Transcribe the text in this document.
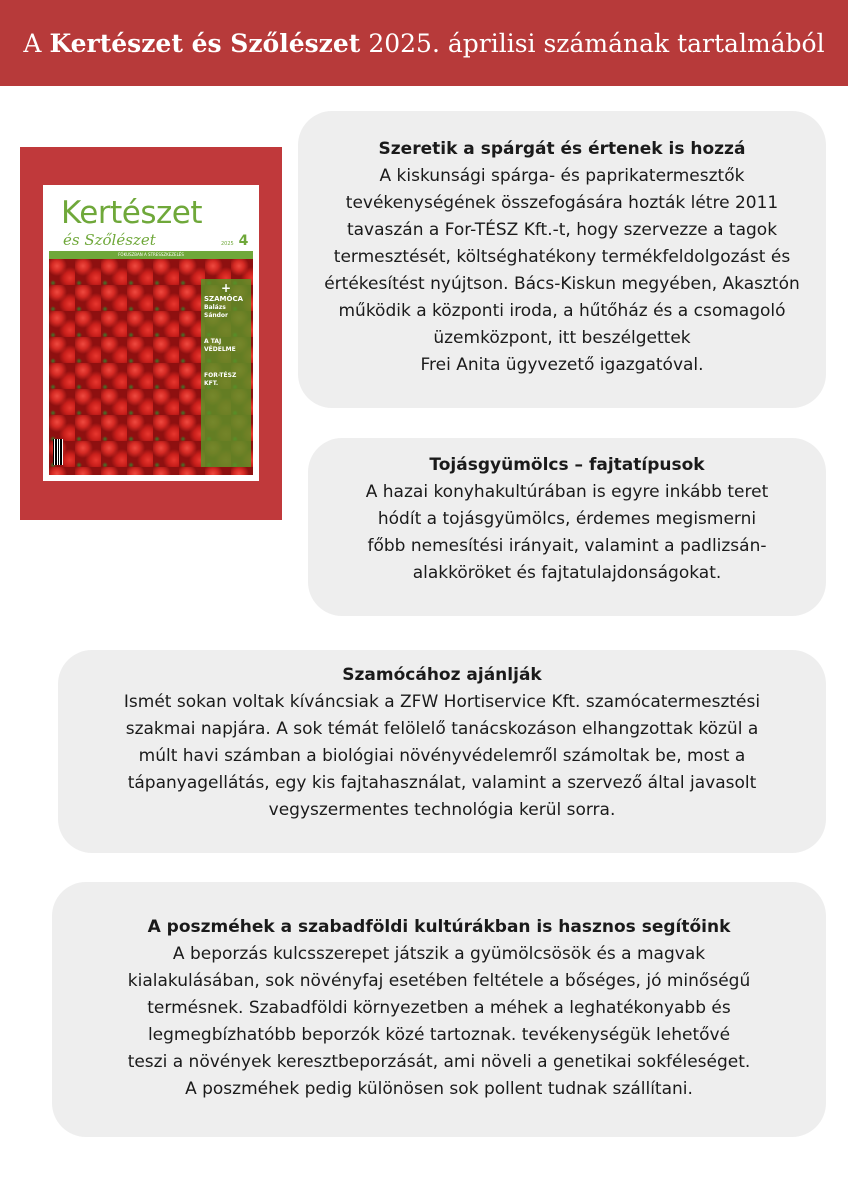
A Kertészet és Szőlészet 2025. áprilisi számának tartalmából
Kertészet
és Szőlészet	2025 4
FÓKUSZBAN A STRESSZKEZELÉS
+
SZAMÓCA
Balázs Sándor
A TAJ VÉDELME
FOR-TÉSZ KFT.
Szeretik a spárgát és értenek is hozzá

A kiskunsági spárga- és paprikatermesztők

tevékenységének összefogására hozták létre 2011

tavaszán a For-TÉSZ Kft.-t, hogy szervezze a tagok

termesztését, költséghatékony termékfeldolgozást és

értékesítést nyújtson. Bács-Kiskun megyében, Akasztón

működik a központi iroda, a hűtőház és a csomagoló

üzemközpont, itt beszélgettek

Frei Anita ügyvezető igazgatóval.

Tojásgyümölcs – fajtatípusok

A hazai konyhakultúrában is egyre inkább teret

hódít a tojásgyümölcs, érdemes megismerni

főbb nemesítési irányait, valamint a padlizsán-

alakköröket és fajtatulajdonságokat.

Szamócához ajánlják

Ismét sokan voltak kíváncsiak a ZFW Hortiservice Kft. szamócatermesztési

szakmai napjára. A sok témát felölelő tanácskozáson elhangzottak közül a

múlt havi számban a biológiai növényvédelemről számoltak be, most a

tápanyagellátás, egy kis fajtahasználat, valamint a szervező által javasolt

vegyszermentes technológia kerül sorra.

A poszméhek a szabadföldi kultúrákban is hasznos segítőink

A beporzás kulcsszerepet játszik a gyümölcsösök és a magvak

kialakulásában, sok növényfaj esetében feltétele a bőséges, jó minőségű

termésnek. Szabadföldi környezetben a méhek a leghatékonyabb és

legmegbízhatóbb beporzók közé tartoznak. tevékenységük lehetővé

teszi a növények keresztbeporzását, ami növeli a genetikai sokféleséget.

A poszméhek pedig különösen sok pollent tudnak szállítani.
